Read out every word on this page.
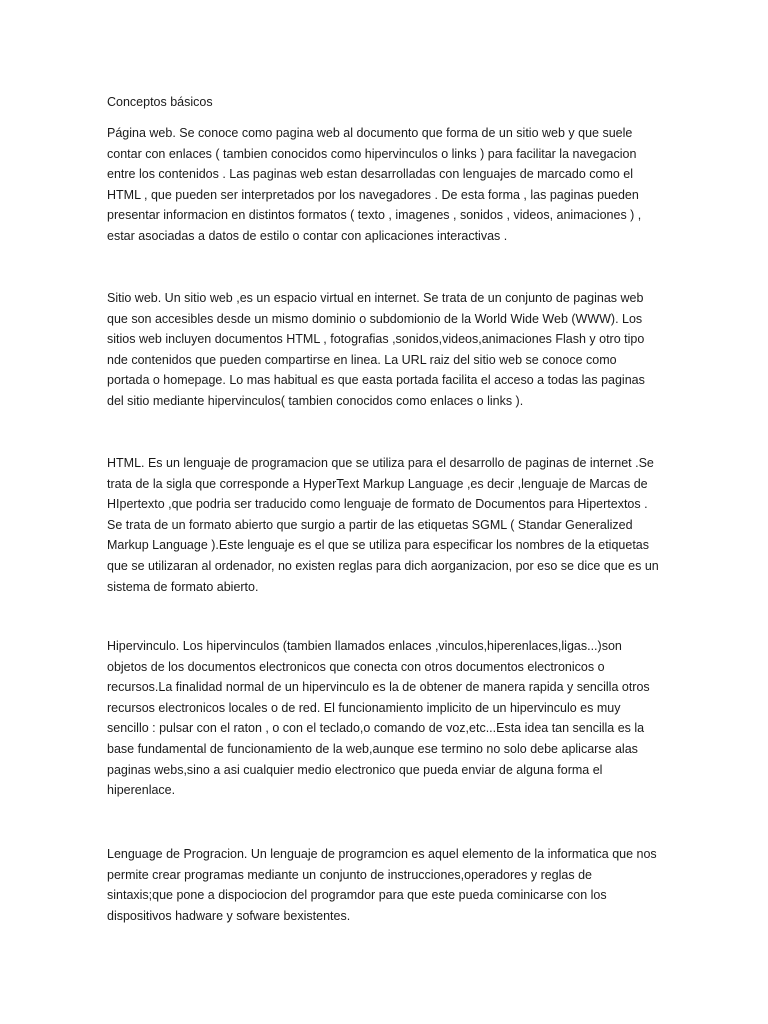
Conceptos básicos
Página web. Se conoce como pagina web al documento que forma de un sitio web y que suele
contar con enlaces ( tambien conocidos como hipervinculos o links ) para facilitar la navegacion
entre los contenidos . Las paginas web estan desarrolladas con lenguajes de marcado como el
HTML , que pueden ser interpretados por los navegadores . De esta forma , las paginas pueden
presentar informacion en distintos formatos ( texto , imagenes , sonidos , videos, animaciones ) ,
estar asociadas a datos de estilo o contar con aplicaciones interactivas .
Sitio web. Un sitio web ,es un espacio virtual en internet. Se trata de un conjunto de paginas web
que son accesibles desde un mismo dominio o subdomionio de la World Wide Web (WWW). Los
sitios web incluyen documentos HTML , fotografias ,sonidos,videos,animaciones Flash y otro tipo
nde contenidos que pueden compartirse en linea. La URL raiz del sitio web se conoce como
portada o homepage. Lo mas habitual es que easta portada facilita el acceso a todas las paginas
del sitio mediante hipervinculos( tambien conocidos como enlaces o links ).
HTML. Es un lenguaje de programacion que se utiliza para el desarrollo de paginas de internet .Se
trata de la sigla que corresponde a HyperText Markup Language ,es decir ,lenguaje de Marcas de
HIpertexto ,que podria ser traducido como lenguaje de formato de Documentos para Hipertextos .
Se trata de un formato abierto que surgio a partir de las etiquetas SGML ( Standar Generalized
Markup Language ).Este lenguaje es el que se utiliza para especificar los nombres de la etiquetas
que se utilizaran al ordenador, no existen reglas para dich aorganizacion, por eso se dice que es un
sistema de formato abierto.
Hipervinculo. Los hipervinculos (tambien llamados enlaces ,vinculos,hiperenlaces,ligas...)son
objetos de los documentos electronicos que conecta con otros documentos electronicos o
recursos.La finalidad normal de un hipervinculo es la de obtener de manera rapida y sencilla otros
recursos electronicos locales o de red. El funcionamiento implicito de un hipervinculo es muy
sencillo : pulsar con el raton , o con el teclado,o comando de voz,etc...Esta idea tan sencilla es la
base fundamental de funcionamiento de la web,aunque ese termino no solo debe aplicarse alas
paginas webs,sino a asi cualquier medio electronico que pueda enviar de alguna forma el
hiperenlace.
Lenguage de Progracion. Un lenguaje de programcion es aquel elemento de la informatica que nos
permite crear programas mediante un conjunto de instrucciones,operadores y reglas de
sintaxis;que pone a dispociocion del programdor para que este pueda cominicarse con los
dispositivos hadware y sofware bexistentes.
